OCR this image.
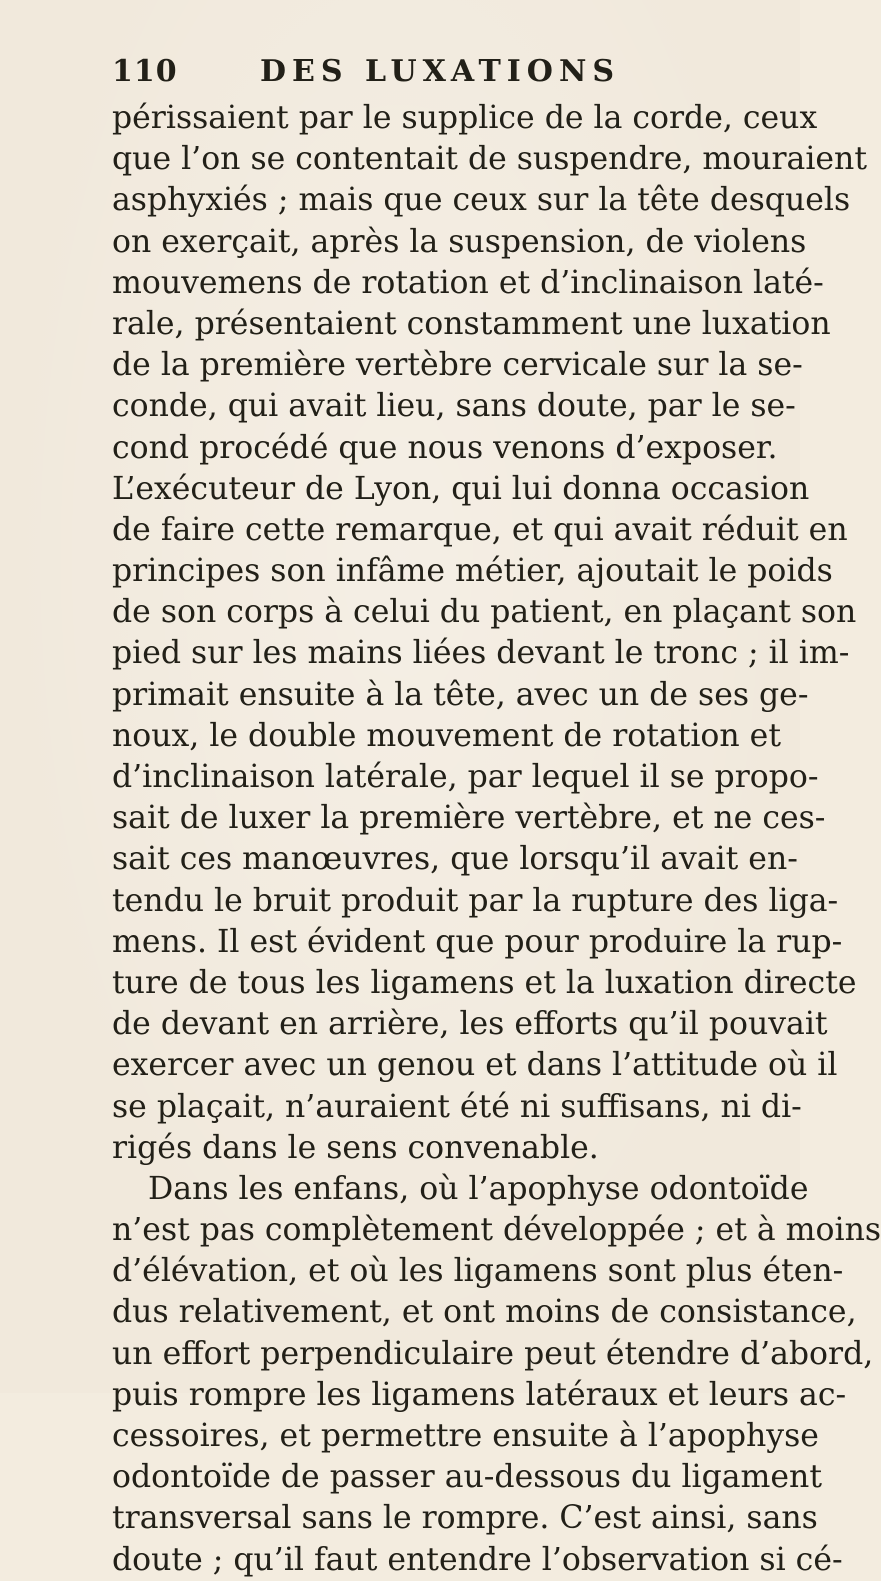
110	DES LUXATIONS
périssaient par le supplice de la corde, ceux
que l’on se contentait de suspendre, mouraient
asphyxiés ; mais que ceux sur la tête desquels
on exerçait, après la suspension, de violens
mouvemens de rotation et d’inclinaison laté-
rale, présentaient constamment une luxation
de la première vertèbre cervicale sur la se-
conde, qui avait lieu, sans doute, par le se-
cond procédé que nous venons d’exposer.
L’exécuteur de Lyon, qui lui donna occasion
de faire cette remarque, et qui avait réduit en
principes son infâme métier, ajoutait le poids
de son corps à celui du patient, en plaçant son
pied sur les mains liées devant le tronc ; il im-
primait ensuite à la tête, avec un de ses ge-
noux, le double mouvement de rotation et
d’inclinaison latérale, par lequel il se propo-
sait de luxer la première vertèbre, et ne ces-
sait ces manœuvres, que lorsqu’il avait en-
tendu le bruit produit par la rupture des liga-
mens. Il est évident que pour produire la rup-
ture de tous les ligamens et la luxation directe
de devant en arrière, les efforts qu’il pouvait
exercer avec un genou et dans l’attitude où il
se plaçait, n’auraient été ni suffisans, ni di-
rigés dans le sens convenable.
Dans les enfans, où l’apophyse odontoïde
n’est pas complètement développée ; et à moins
d’élévation, et où les ligamens sont plus éten-
dus relativement, et ont moins de consistance,
un effort perpendiculaire peut étendre d’abord,
puis rompre les ligamens latéraux et leurs ac-
cessoires, et permettre ensuite à l’apophyse
odontoïde de passer au-dessous du ligament
transversal sans le rompre. C’est ainsi, sans
doute ; qu’il faut entendre l’observation si cé-
